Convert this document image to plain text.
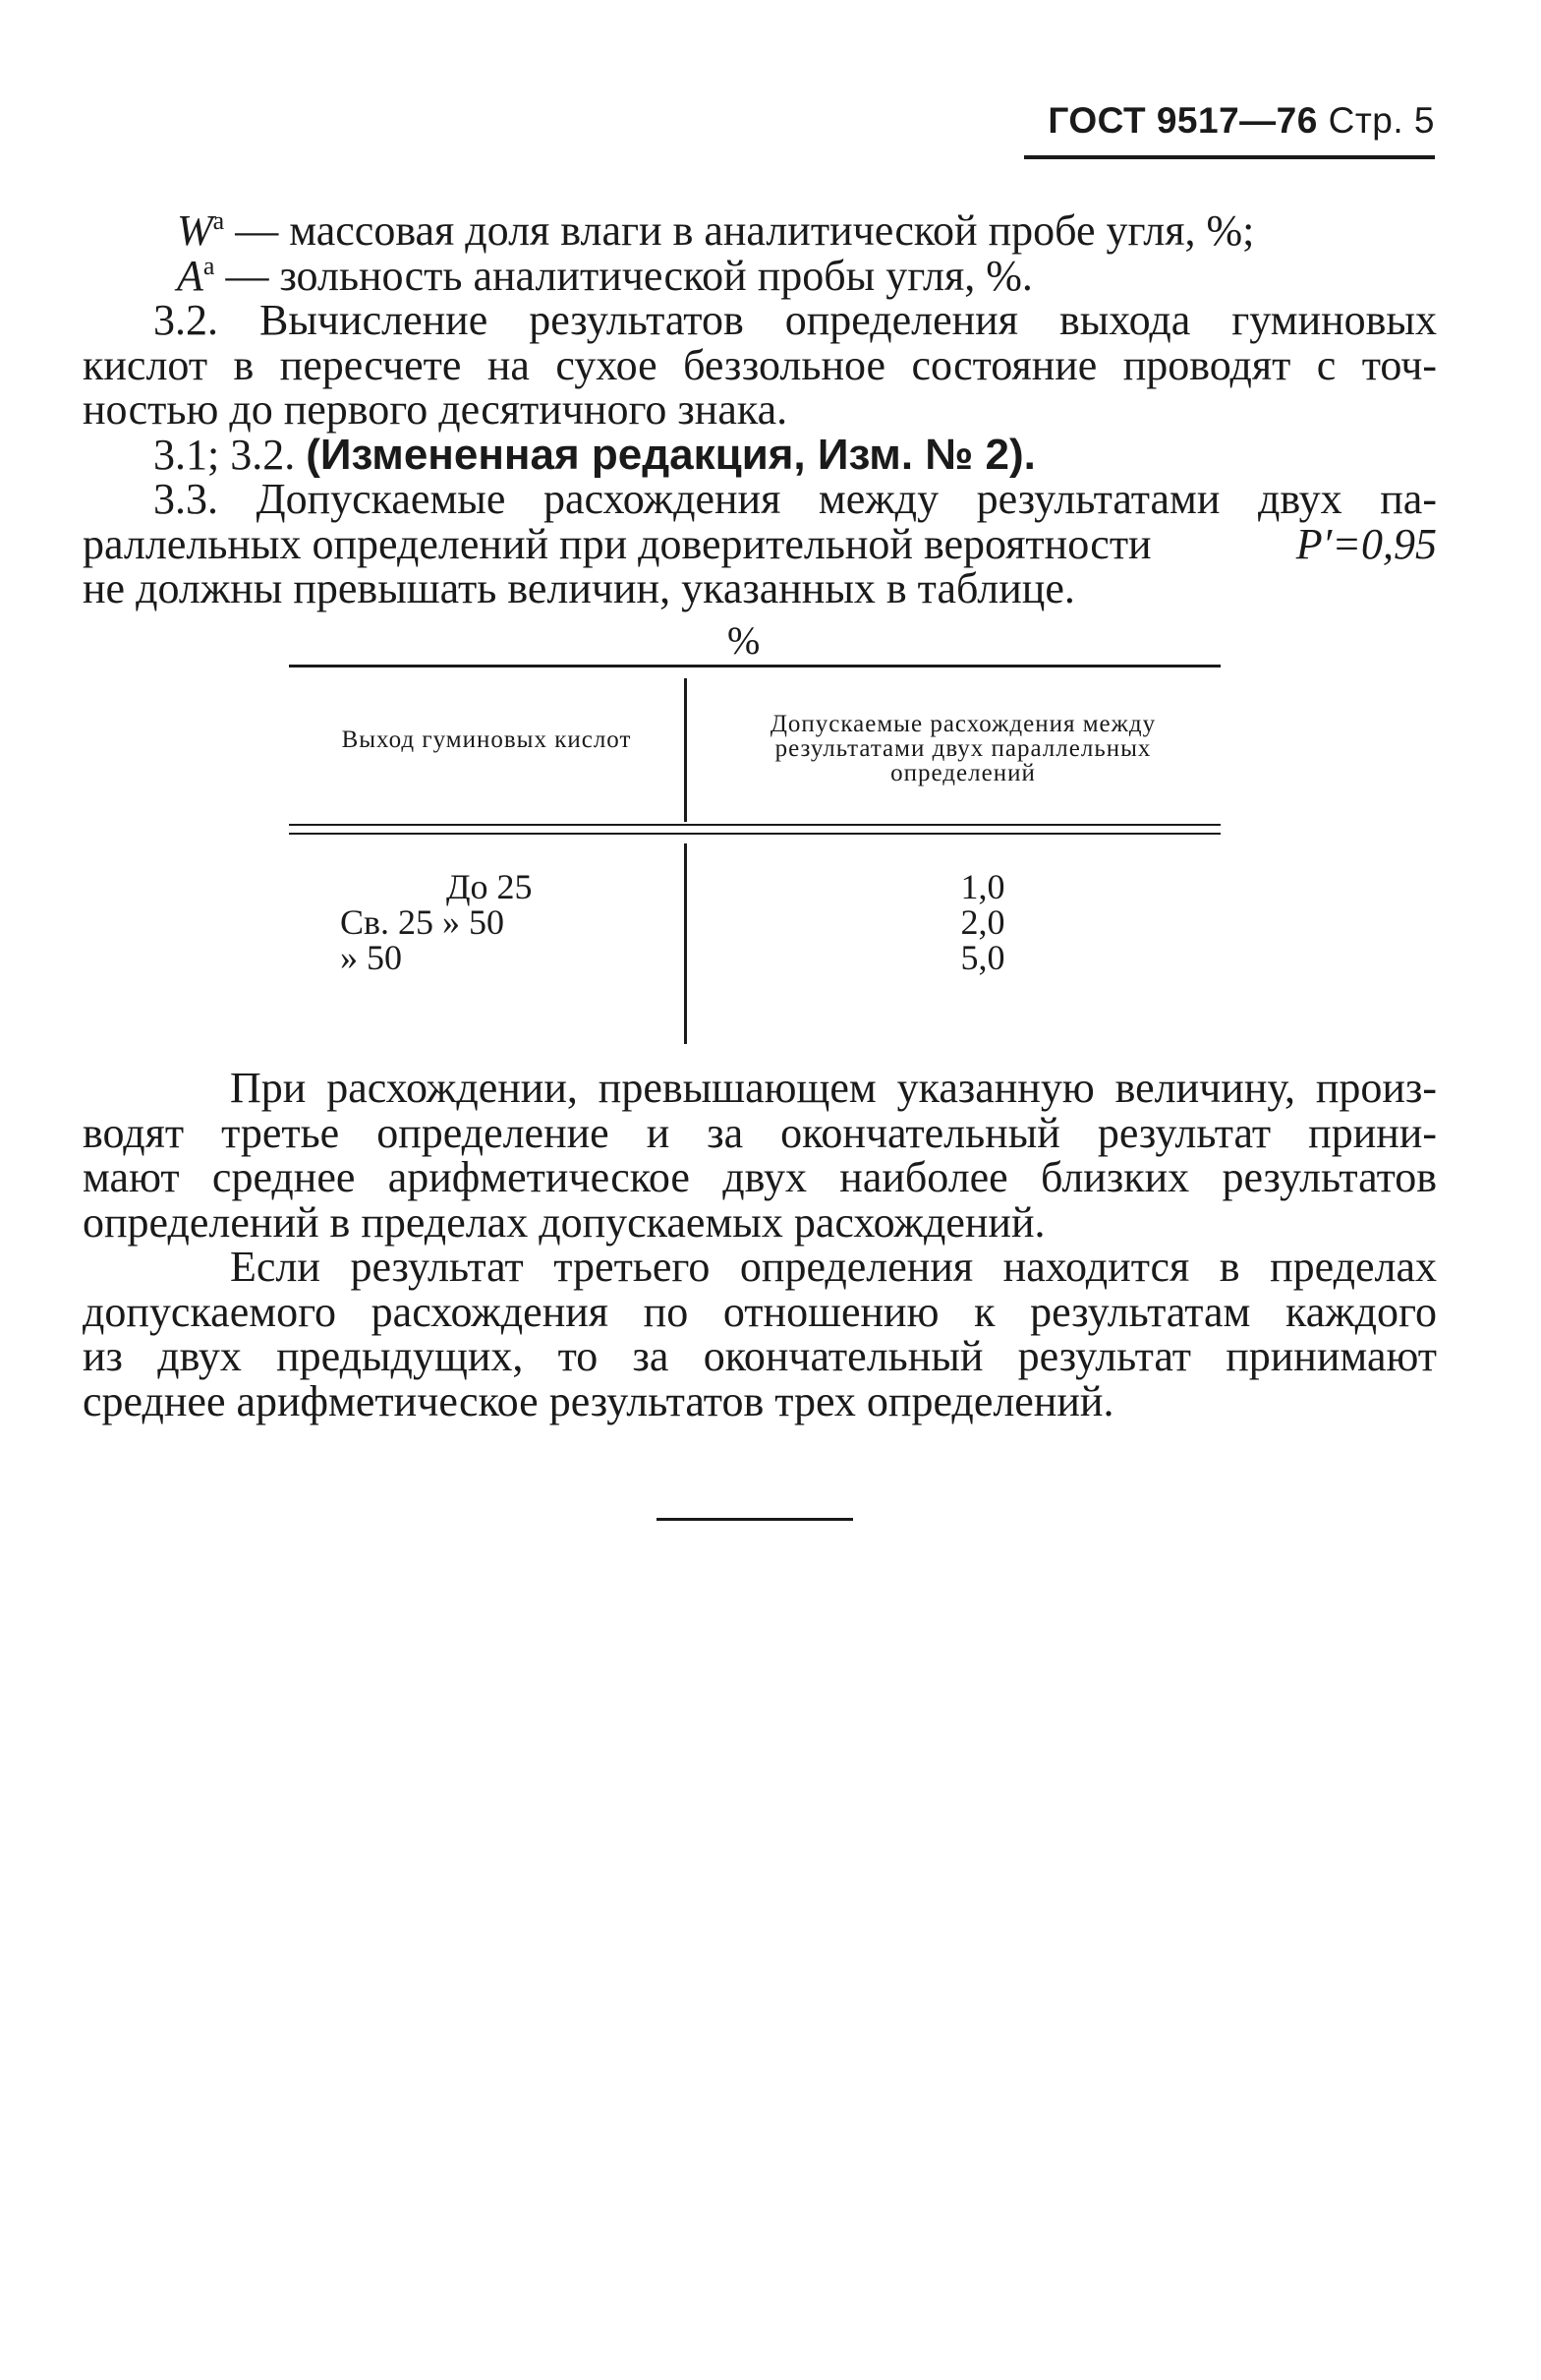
ГОСТ 9517—76 Стр. 5
$W^a$ — массовая доля влаги в аналитической пробе угля, %;
$A^a$ — зольность аналитической пробы угля, %.
3.2. Вычисление результатов определения выхода гуминовых
кислот в пересчете на сухое беззольное состояние проводят с точ-
ностью до первого десятичного знака.
3.1; 3.2. (Измененная редакция, Изм. № 2).
3.3. Допускаемые расхождения между результатами двух па-
раллельных определений при доверительной вероятности	P′=0,95
не должны превышать величин, указанных в таблице.
%
Выход гуминовых кислот
Допускаемые расхождения между результатами двух параллельных определений
До 25
Св. 25 » 50
» 50
1,0
2,0
5,0
При расхождении, превышающем указанную величину, произ-
водят третье определение и за окончательный результат прини-
мают среднее арифметическое двух наиболее близких результатов
определений в пределах допускаемых расхождений.
Если результат третьего определения находится в пределах
допускаемого расхождения по отношению к результатам каждого
из двух предыдущих, то за окончательный результат принимают
среднее арифметическое результатов трех определений.
